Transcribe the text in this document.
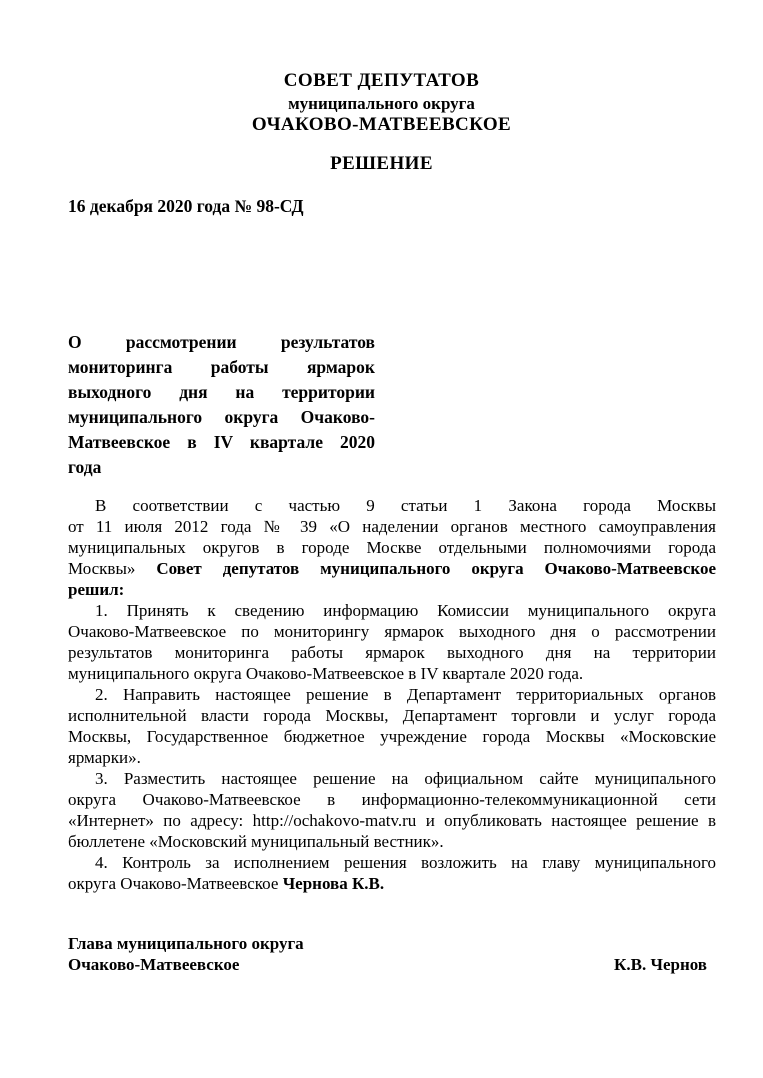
СОВЕТ ДЕПУТАТОВ
муниципального округа
ОЧАКОВО-МАТВЕЕВСКОЕ
РЕШЕНИЕ
16 декабря 2020 года № 98-СД
О рассмотрении результатов
мониторинга работы ярмарок
выходного дня на территории
муниципального округа Очаково-
Матвеевское в IV квартале 2020
года
В соответствии с частью 9 статьи 1 Закона города Москвы
от 11 июля 2012 года № 39 «О наделении органов местного самоуправления
муниципальных округов в городе Москве отдельными полномочиями города
Москвы» Совет депутатов муниципального округа Очаково-Матвеевское
решил:
1. Принять к сведению информацию Комиссии муниципального округа
Очаково-Матвеевское по мониторингу ярмарок выходного дня о рассмотрении
результатов мониторинга работы ярмарок выходного дня на территории
муниципального округа Очаково-Матвеевское в IV квартале 2020 года.
2. Направить настоящее решение в Департамент территориальных органов
исполнительной власти города Москвы, Департамент торговли и услуг города
Москвы, Государственное бюджетное учреждение города Москвы «Московские
ярмарки».
3. Разместить настоящее решение на официальном сайте муниципального
округа Очаково-Матвеевское в информационно-телекоммуникационной сети
«Интернет» по адресу: http://ochakovo-matv.ru и опубликовать настоящее решение в
бюллетене «Московский муниципальный вестник».
4. Контроль за исполнением решения возложить на главу муниципального
округа Очаково-Матвеевское Чернова К.В.
Глава муниципального округа
Очаково-Матвеевское	К.В. Чернов
